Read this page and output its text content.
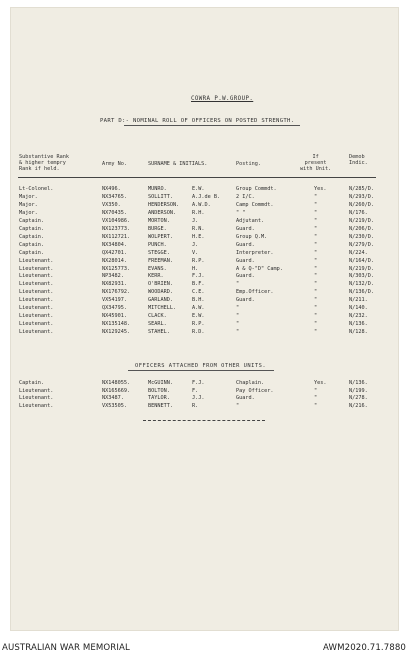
COWRA P.W.GROUP.
PART D:- NOMINAL ROLL OF OFFICERS ON POSTED STRENGTH.
Substantive Rank
& higher tempry
Rank if held.
Army No.	SURNAME & INITIALS.	Posting.
If
present
with Unit.
Demob
Indic.
Lt-Colonel.	NX496.	MUNRO.	E.W.	Group Commdt.	Yes.	N/285/D.
Major.	NX34765.	SOLLITT.	A.J.de B.	2 I/C.	"	N/293/D.
Major.	VX350.	HENDERSON. A.W.D.	Camp Commdt.	"	N/260/D.
Major.	NX70435.	ANDERSON.	R.H.	" "	"	N/176.
Captain.	VX104986.	MORTON.	J.	Adjutant.	"	N/219/D.
Captain.	NX123773.	BURGE.	R.N.	Guard.	"	N/206/D.
Captain.	NX112721.	WOLPERT.	H.E.	Group Q.M.	"	N/230/D.
Captain.	NX34804.	PUNCH.	J.	Guard.	"	N/279/D.
Captain.	QX42701.	STEGGE.	V.	Interpreter.	"	N/224.
Lieutenant.	NX28014.	FREEMAN.	R.P.	Guard.	"	N/164/D.
Lieutenant.	NX125773.	EVANS.	H.	A & Q-"D" Camp.	"	N/219/D.
Lieutenant.	NP3482.	KERR.	F.J.	Guard.	"	N/303/D.
Lieutenant.	NX82931.	O'BRIEN.	B.F.	"	"	N/132/D.
Lieutenant.	NX176792.	WOODARD.	C.E.	Emp.Officer.	"	N/136/D.
Lieutenant.	VX54197.	GARLAND.	B.H.	Guard.	"	N/211.
Lieutenant.	QX34795.	MITCHELL.	A.W.	"	"	N/140.
Lieutenant.	NX45901.	CLACK.	E.W.	"	"	N/232.
Lieutenant.	NX135148.	SEARL.	R.P.	"	"	N/136.
Lieutenant.	NX129245.	STAHEL.	R.D.	"	"	N/128.
OFFICERS ATTACHED FROM OTHER UNITS.
Captain.	NX148055.	McGUINN.	F.J.	Chaplain.	Yes.	N/136.
Lieutenant.	NX165669.	BOLTON.	F.	Pay Officer.	"	N/199.
Lieutenant.	NX3487.	TAYLOR.	J.J.	Guard.	"	N/278.
Lieutenant.	VX53505.	BENNETT.	R.	"	"	N/216.
AUSTRALIAN WAR MEMORIAL	AWM2020.71.7880
